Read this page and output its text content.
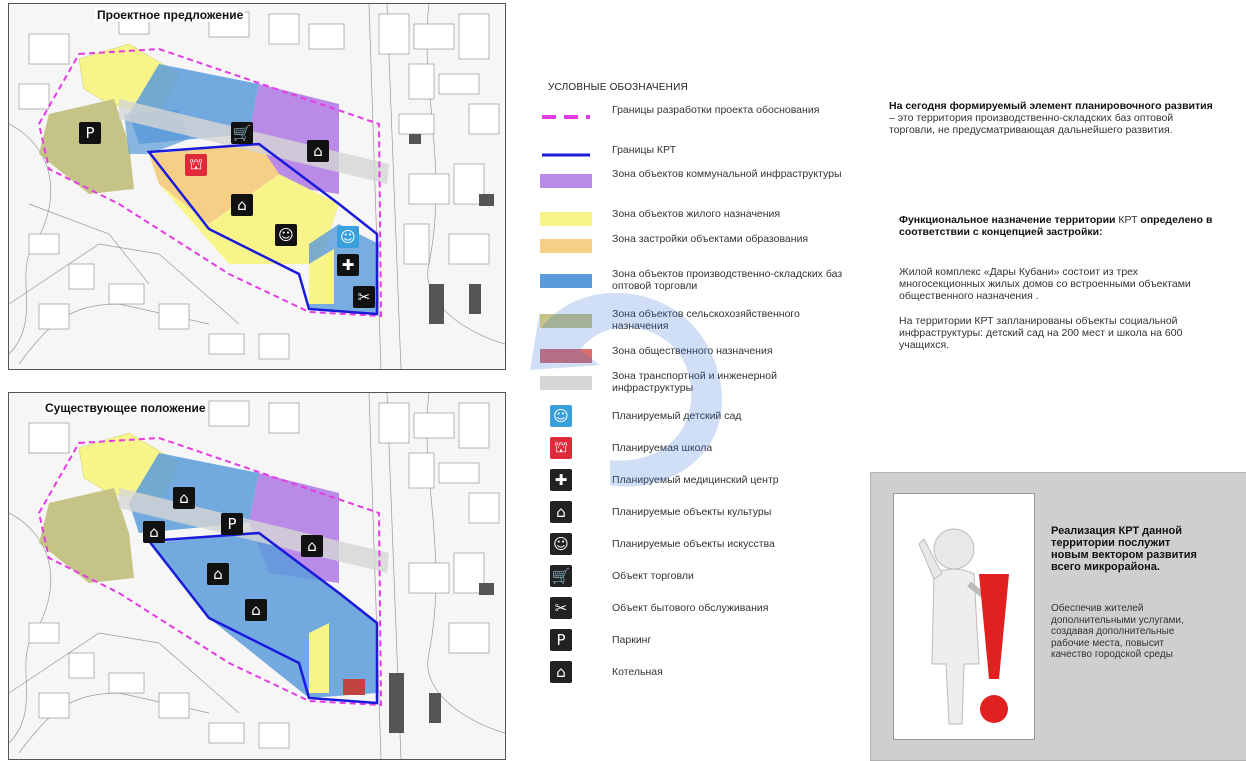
Проектное предложение
P	🛒
⌂
⛫
⌂
☺	☺
✚
✂
Существующее положение
⌂
⌂	P
⌂
⌂
⌂
УСЛОВНЫЕ ОБОЗНАЧЕНИЯ
Границы разработки проекта обоснования
Границы КРТ
Зона объектов коммунальной инфраструктуры
Зона объектов жилого назначения
Зона застройки объектами образования
Зона объектов производственно-складских баз оптовой торговли
Зона объектов сельскохозяйственного назначения
Зона общественного назначения
Зона транспортной и инженерной инфраструктуры
☺	Планируемый детский сад
⛫	Планируемая школа
✚	Планируемый медицинский центр
⌂	Планируемые объекты культуры
☺	Планируемые объекты искусства
🛒	Объект торговли
✂	Объект бытового обслуживания
P	Паркинг
⌂	Котельная
На сегодня формируемый элемент планировочного развития – это территория производственно-складских баз оптовой торговли, не предусматривающая дальнейшего развития.
Функциональное назначение территории КРТ определено в соответствии с концепцией застройки:
Жилой комплекс «Дары Кубани» состоит из трех многосекционных жилых домов со встроенными объектами общественного назначения .
На территории КРТ запланированы объекты социальной инфраструктуры: детский сад на 200 мест и школа на 600 учащихся.
Реализация КРТ данной территории послужит новым вектором развития всего микрорайона.
Обеспечив жителей дополнительными услугами, создавая дополнительные рабочие места, повысит качество городской среды
